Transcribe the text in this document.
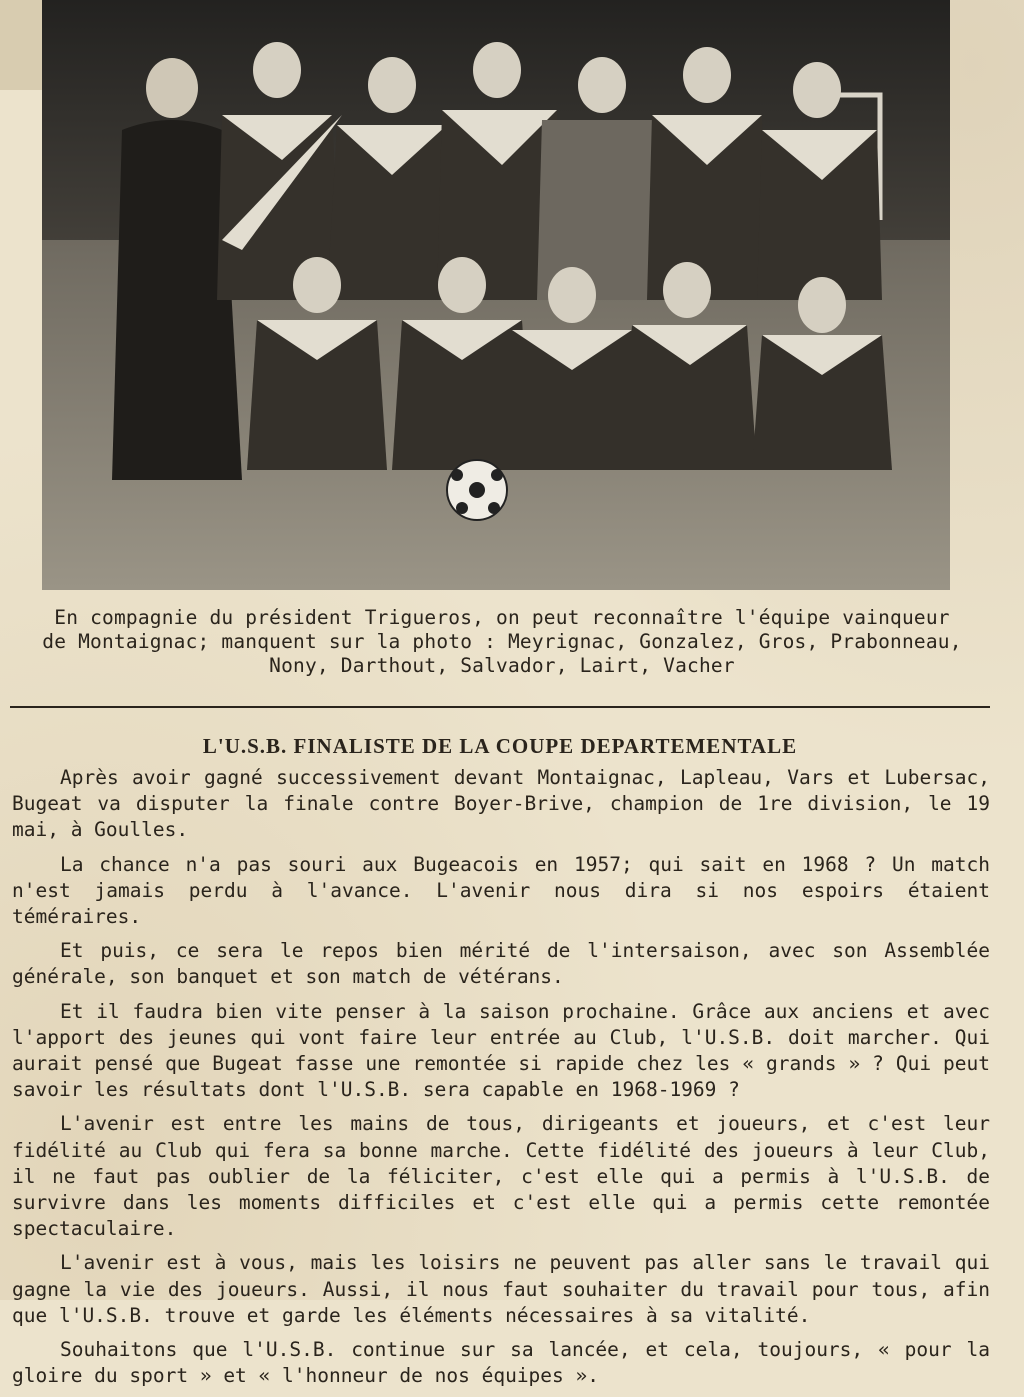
En compagnie du président Trigueros, on peut reconnaître l'équipe vainqueur
de Montaignac; manquent sur la photo : Meyrignac, Gonzalez, Gros, Prabonneau,
Nony, Darthout, Salvador, Lairt, Vacher
L'U.S.B. FINALISTE DE LA COUPE DEPARTEMENTALE

Après avoir gagné successivement devant Montaignac, Lapleau, Vars et Lubersac, Bugeat va disputer la finale contre Boyer-Brive, champion de 1re division, le 19 mai, à Goulles.

La chance n'a pas souri aux Bugeacois en 1957; qui sait en 1968 ? Un match n'est jamais perdu à l'avance. L'avenir nous dira si nos espoirs étaient téméraires.

Et puis, ce sera le repos bien mérité de l'intersaison, avec son Assemblée générale, son banquet et son match de vétérans.

Et il faudra bien vite penser à la saison prochaine. Grâce aux anciens et avec l'apport des jeunes qui vont faire leur entrée au Club, l'U.S.B. doit marcher. Qui aurait pensé que Bugeat fasse une remontée si rapide chez les « grands » ? Qui peut savoir les résultats dont l'U.S.B. sera capable en 1968-1969 ?

L'avenir est entre les mains de tous, dirigeants et joueurs, et c'est leur fidélité au Club qui fera sa bonne marche. Cette fidélité des joueurs à leur Club, il ne faut pas oublier de la féliciter, c'est elle qui a permis à l'U.S.B. de survivre dans les moments difficiles et c'est elle qui a permis cette remontée spectaculaire.

L'avenir est à vous, mais les loisirs ne peuvent pas aller sans le travail qui gagne la vie des joueurs. Aussi, il nous faut souhaiter du travail pour tous, afin que l'U.S.B. trouve et garde les éléments nécessaires à sa vitalité.

Souhaitons que l'U.S.B. continue sur sa lancée, et cela, toujours, « pour la gloire du sport » et « l'honneur de nos équipes ».
